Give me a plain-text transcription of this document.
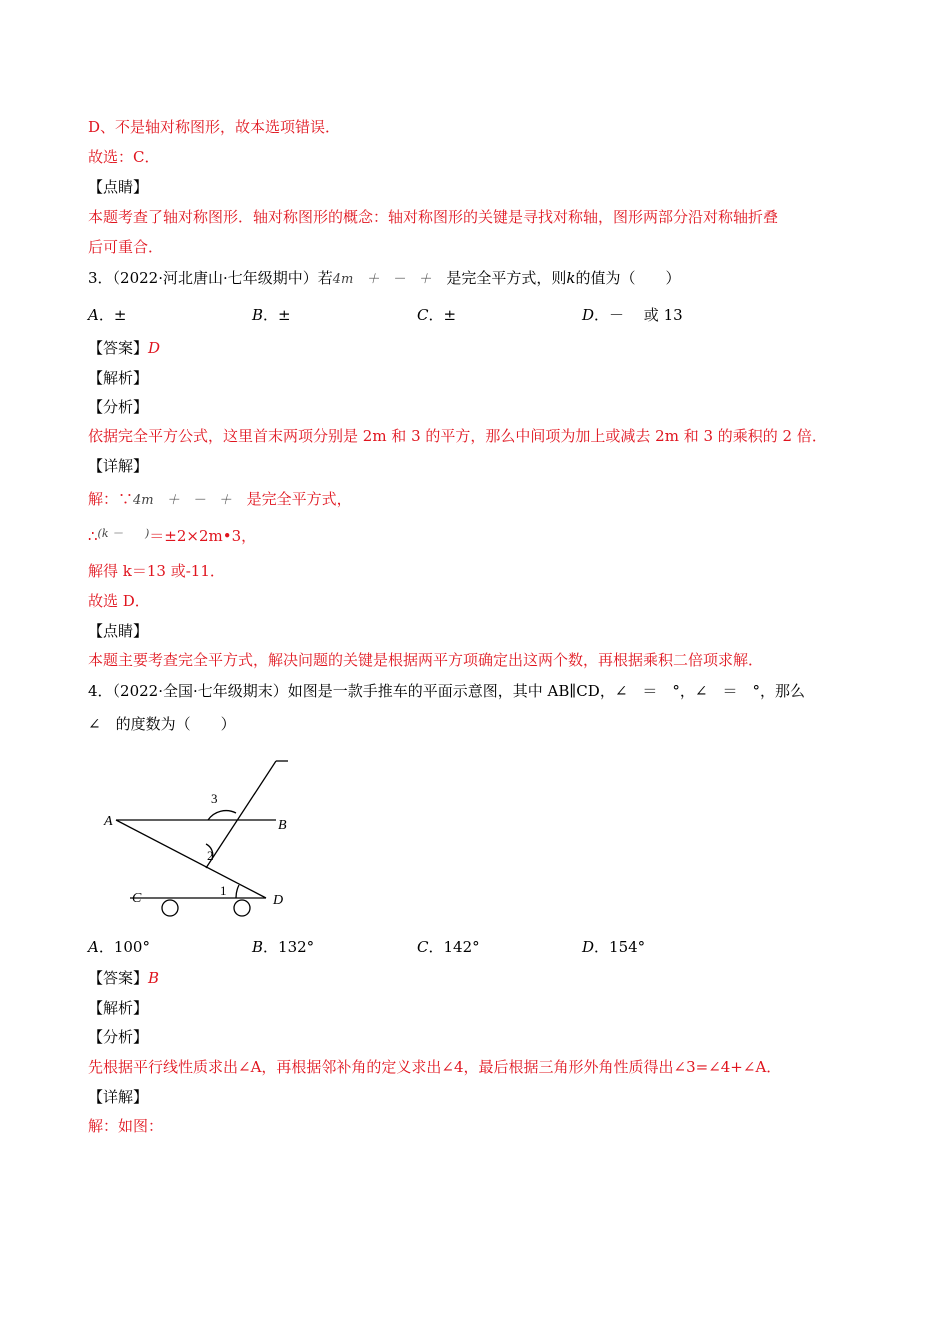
D、不是轴对称图形，故本选项错误．
故选：C．
【点睛】
本题考查了轴对称图形．轴对称图形的概念：轴对称图形的关键是寻找对称轴，图形两部分沿对称轴折叠
后可重合．
3．（2022·河北唐山·七年级期中）若4m　＋　－　＋　 是完全平方式，则k的值为（　　）
A．±	B．±	C．±	D．－　 或 13
【答案】D
【解析】
【分析】
依据完全平方公式，这里首末两项分别是 2m 和 3 的平方，那么中间项为加上或减去 2m 和 3 的乘积的 2 倍．
【详解】
解：∵4m　＋　－　＋　 是完全平方式，
∴$^{(k - )}$＝±2×2m•3，
解得 k＝13 或-11．
故选 D．
【点睛】
本题主要考查完全平方式，解决问题的关键是根据两平方项确定出这两个数，再根据乘积二倍项求解．
4．（2022·全国·七年级期末）如图是一款手推车的平面示意图，其中 AB∥CD，∠　＝　°，∠　＝　°，那么
∠　的度数为（　　）
A	B
C	D
3
2
1
A．100°	B．132°	C．142°	D．154°
【答案】B
【解析】
【分析】
先根据平行线性质求出∠A，再根据邻补角的定义求出∠4，最后根据三角形外角性质得出∠3=∠4+∠A．
【详解】
解：如图：
